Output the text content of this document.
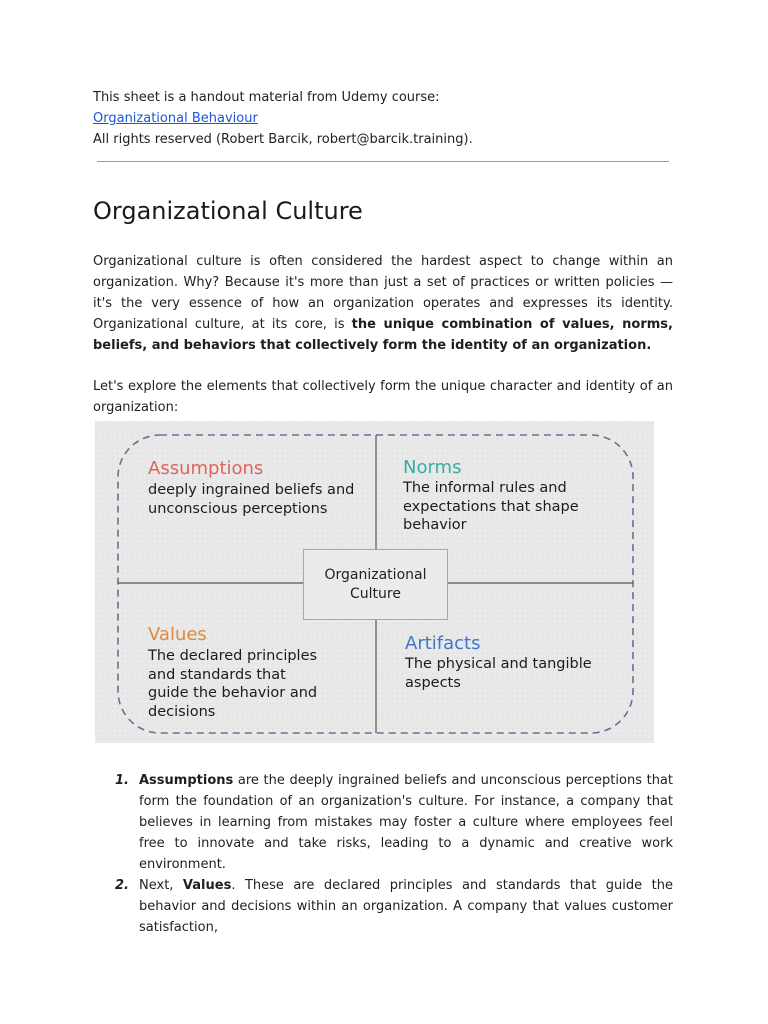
This sheet is a handout material from Udemy course:
Organizational Behaviour
All rights reserved (Robert Barcik, robert@barcik.training).
Organizational Culture

Organizational culture is often considered the hardest aspect to change within an organization. Why? Because it's more than just a set of practices or written policies — it's the very essence of how an organization operates and expresses its identity. Organizational culture, at its core, is the unique combination of values, norms, beliefs, and behaviors that collectively form the identity of an organization.

Let's explore the elements that collectively form the unique character and identity of an organization:

Assumptions
deeply ingrained beliefs and
unconscious perceptions
Norms
The informal rules and
expectations that shape
behavior
Values
The declared principles
and standards that
guide the behavior and
decisions
Artifacts
The physical and tangible
aspects
Organizational
Culture
1. Assumptions are the deeply ingrained beliefs and unconscious perceptions that form the foundation of an organization's culture. For instance, a company that believes in learning from mistakes may foster a culture where employees feel free to innovate and take risks, leading to a dynamic and creative work environment.
2. Next, Values. These are declared principles and standards that guide the behavior and decisions within an organization. A company that values customer satisfaction,
